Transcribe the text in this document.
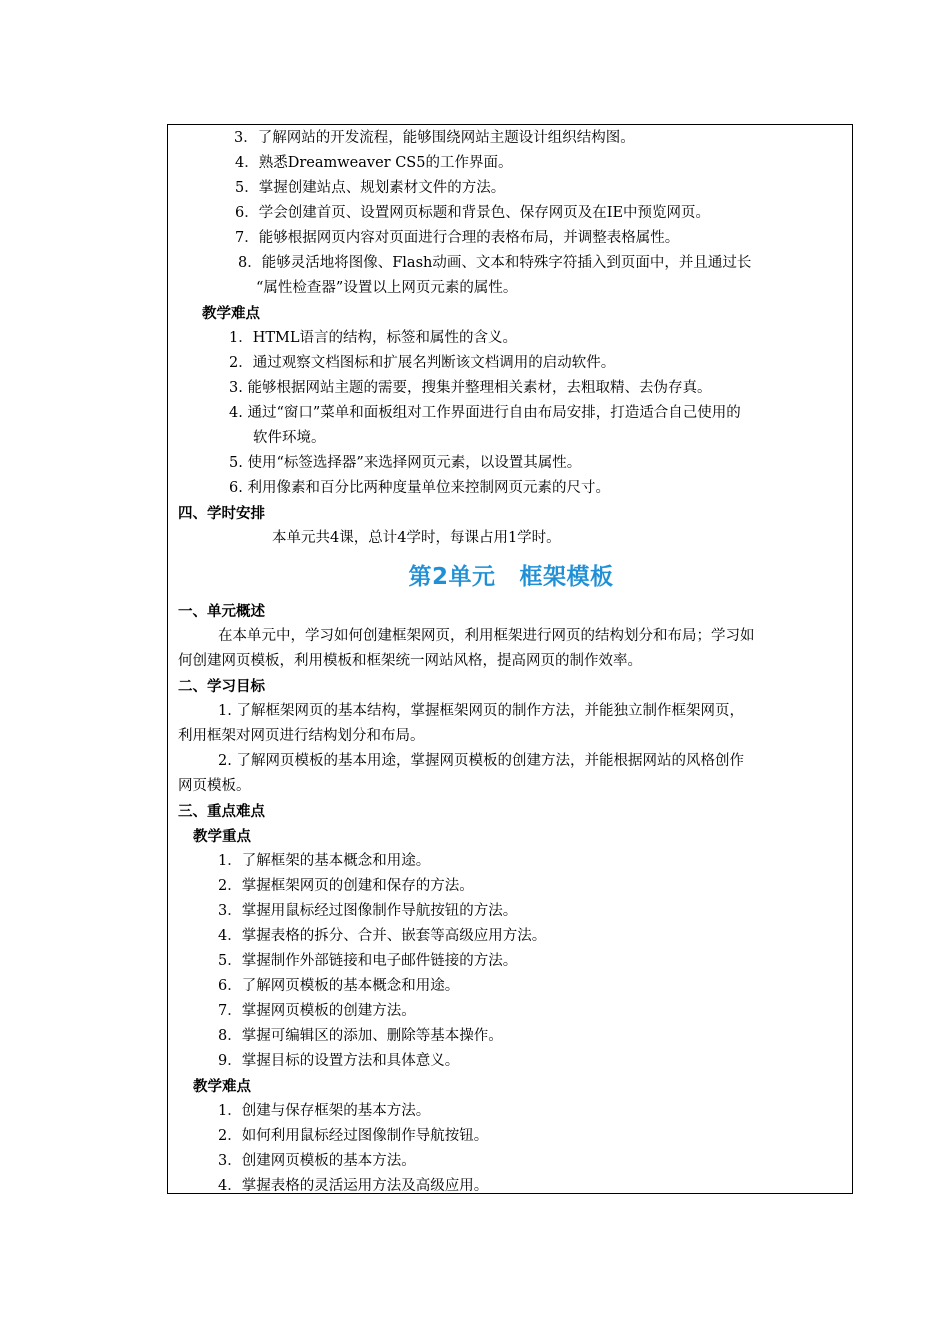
3．了解网站的开发流程，能够围绕网站主题设计组织结构图。
4．熟悉Dreamweaver CS5的工作界面。
5．掌握创建站点、规划素材文件的方法。
6．学会创建首页、设置网页标题和背景色、保存网页及在IE中预览网页。
7．能够根据网页内容对页面进行合理的表格布局，并调整表格属性。
8．能够灵活地将图像、Flash动画、文本和特殊字符插入到页面中，并且通过长
“属性检查器”设置以上网页元素的属性。
教学难点
1．HTML语言的结构，标签和属性的含义。
2．通过观察文档图标和扩展名判断该文档调用的启动软件。
3. 能够根据网站主题的需要，搜集并整理相关素材，去粗取精、去伪存真。
4. 通过“窗口”菜单和面板组对工作界面进行自由布局安排，打造适合自己使用的
软件环境。
5. 使用“标签选择器”来选择网页元素，以设置其属性。
6. 利用像素和百分比两种度量单位来控制网页元素的尺寸。
四、学时安排
本单元共4课，总计4学时，每课占用1学时。
第2单元 框架模板
一、单元概述
在本单元中，学习如何创建框架网页，利用框架进行网页的结构划分和布局；学习如
何创建网页模板，利用模板和框架统一网站风格，提高网页的制作效率。
二、学习目标
1. 了解框架网页的基本结构，掌握框架网页的制作方法，并能独立制作框架网页，
利用框架对网页进行结构划分和布局。
2. 了解网页模板的基本用途，掌握网页模板的创建方法，并能根据网站的风格创作
网页模板。
三、重点难点
教学重点
1．了解框架的基本概念和用途。
2．掌握框架网页的创建和保存的方法。
3．掌握用鼠标经过图像制作导航按钮的方法。
4．掌握表格的拆分、合并、嵌套等高级应用方法。
5．掌握制作外部链接和电子邮件链接的方法。
6．了解网页模板的基本概念和用途。
7．掌握网页模板的创建方法。
8．掌握可编辑区的添加、删除等基本操作。
9．掌握目标的设置方法和具体意义。
教学难点
1．创建与保存框架的基本方法。
2．如何利用鼠标经过图像制作导航按钮。
3．创建网页模板的基本方法。
4．掌握表格的灵活运用方法及高级应用。
